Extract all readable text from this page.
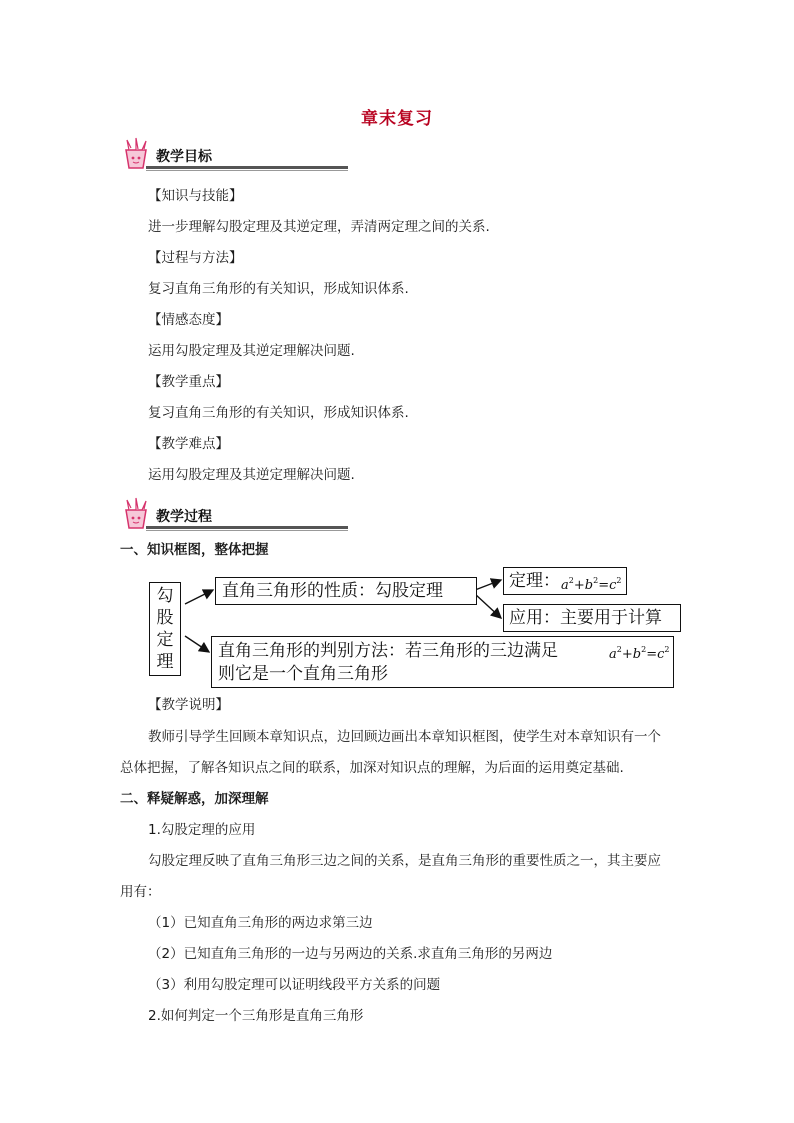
章末复习
教学目标
【知识与技能】
进一步理解勾股定理及其逆定理，弄清两定理之间的关系.
【过程与方法】
复习直角三角形的有关知识，形成知识体系.
【情感态度】
运用勾股定理及其逆定理解决问题.
【教学重点】
复习直角三角形的有关知识，形成知识体系.
【教学难点】
运用勾股定理及其逆定理解决问题.
教学过程
一、知识框图，整体把握
勾
股
定
理
直角三角形的性质：勾股定理	定理： $a^2+b^2=c^2$
应用：主要用于计算
直角三角形的判别方法：若三角形的三边满足	$a^2+b^2=c^2$
则它是一个直角三角形
【教学说明】
教师引导学生回顾本章知识点，边回顾边画出本章知识框图，使学生对本章知识有一个
总体把握，了解各知识点之间的联系，加深对知识点的理解，为后面的运用奠定基础.
二、释疑解惑，加深理解
1.勾股定理的应用
勾股定理反映了直角三角形三边之间的关系，是直角三角形的重要性质之一，其主要应
用有：
（1）已知直角三角形的两边求第三边
（2）已知直角三角形的一边与另两边的关系.求直角三角形的另两边
（3）利用勾股定理可以证明线段平方关系的问题
2.如何判定一个三角形是直角三角形
